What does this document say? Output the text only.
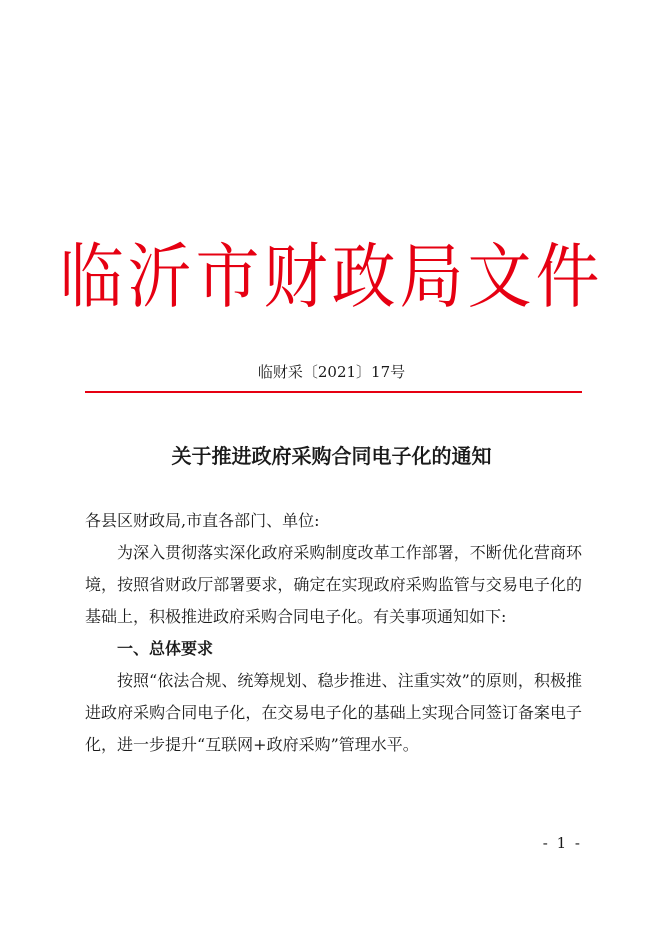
临沂市财政局文件
临财采〔2021〕17号
关于推进政府采购合同电子化的通知

各县区财政局,市直各部门、单位:

为深入贯彻落实深化政府采购制度改革工作部署，不断优化营商环境，按照省财政厅部署要求，确定在实现政府采购监管与交易电子化的基础上，积极推进政府采购合同电子化。有关事项通知如下:

一、总体要求

按照“依法合规、统筹规划、稳步推进、注重实效”的原则，积极推进政府采购合同电子化，在交易电子化的基础上实现合同签订备案电子化，进一步提升“互联网+政府采购”管理水平。

- 1 -
